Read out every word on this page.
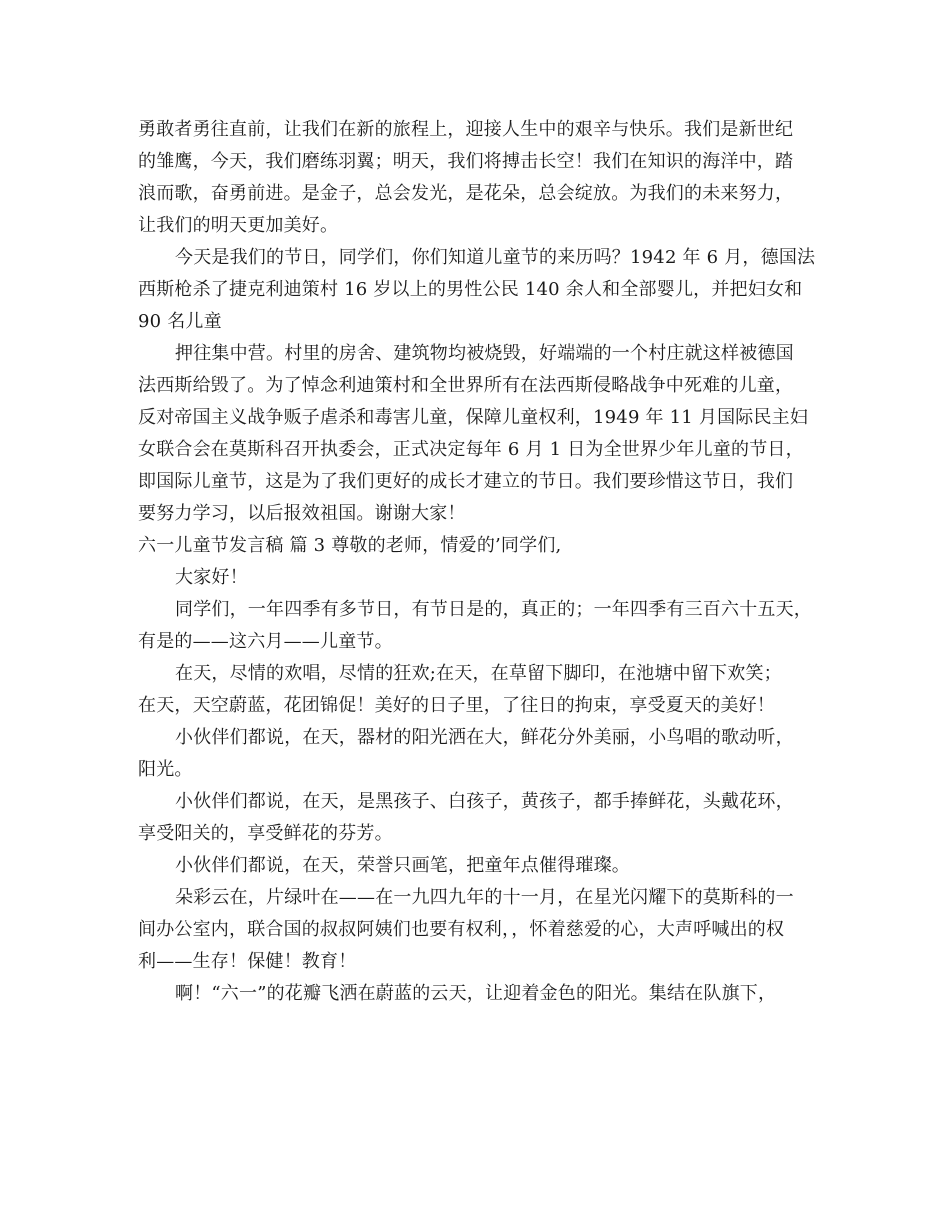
勇敢者勇往直前，让我们在新的旅程上，迎接人生中的艰辛与快乐。我们是新世纪
的雏鹰，今天，我们磨练羽翼；明天，我们将搏击长空！我们在知识的海洋中，踏
浪而歌，奋勇前进。是金子，总会发光，是花朵，总会绽放。为我们的未来努力，
让我们的明天更加美好。
今天是我们的节日，同学们，你们知道儿童节的来历吗？1942 年 6 月，德国法
西斯枪杀了捷克利迪策村 16 岁以上的男性公民 140 余人和全部婴儿，并把妇女和
90 名儿童
押往集中营。村里的房舍、建筑物均被烧毁，好端端的一个村庄就这样被德国
法西斯给毁了。为了悼念利迪策村和全世界所有在法西斯侵略战争中死难的儿童，
反对帝国主义战争贩子虐杀和毒害儿童，保障儿童权利，1949 年 11 月国际民主妇
女联合会在莫斯科召开执委会，正式决定每年 6 月 1 日为全世界少年儿童的节日，
即国际儿童节，这是为了我们更好的成长才建立的节日。我们要珍惜这节日，我们
要努力学习，以后报效祖国。谢谢大家！
六一儿童节发言稿 篇 3 尊敬的老师，情爱的’同学们,
大家好！
同学们，一年四季有多节日，有节日是的，真正的；一年四季有三百六十五天，
有是的——这六月——儿童节。
在天，尽情的欢唱，尽情的狂欢;在天，在草留下脚印，在池塘中留下欢笑；
在天，天空蔚蓝，花团锦促！美好的日子里，了往日的拘束，享受夏天的美好！
小伙伴们都说，在天，器材的阳光洒在大，鲜花分外美丽，小鸟唱的歌动听，
阳光。
小伙伴们都说，在天，是黑孩子、白孩子，黄孩子，都手捧鲜花，头戴花环，
享受阳关的，享受鲜花的芬芳。
小伙伴们都说，在天，荣誉只画笔，把童年点催得璀璨。
朵彩云在，片绿叶在——在一九四九年的十一月，在星光闪耀下的莫斯科的一
间办公室内，联合国的叔叔阿姨们也要有权利，，怀着慈爱的心，大声呼喊出的权
利——生存！保健！教育！
啊！“六一”的花瓣飞洒在蔚蓝的云天，让迎着金色的阳光。集结在队旗下，
